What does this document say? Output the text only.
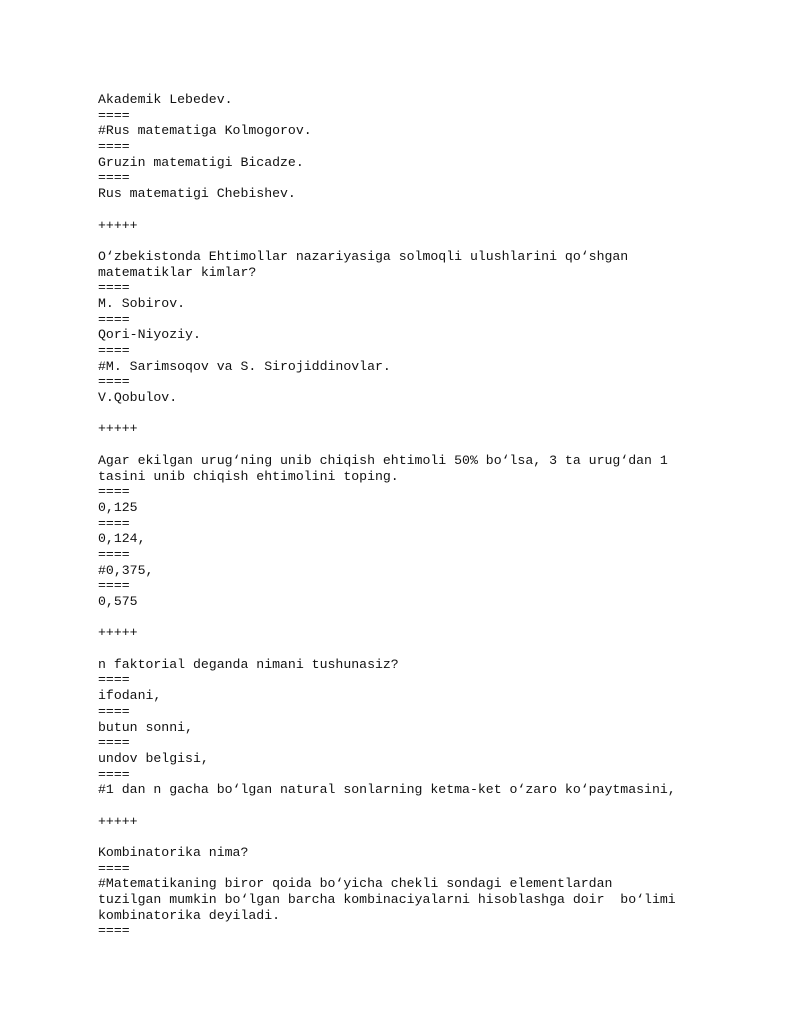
Akademik Lebedev.
====
#Rus matematiga Kolmogorov.
====
Gruzin matematigi Bicadze.
====
Rus matematigi Chebishev.
+++++
O‘zbekistonda Ehtimollar nazariyasiga solmoqli ulushlarini qo‘shgan
matematiklar kimlar?
====
M. Sobirov.
====
Qori-Niyoziy.
====
#M. Sarimsoqov va S. Sirojiddinovlar.
====
V.Qobulov.
+++++
Agar ekilgan urug‘ning unib chiqish ehtimoli 50% bo‘lsa, 3 ta urug‘dan 1
tasini unib chiqish ehtimolini toping.
====
0,125
====
0,124,
====
#0,375,
====
0,575
+++++
n faktorial deganda nimani tushunasiz?
====
ifodani,
====
butun sonni,
====
undov belgisi,
====
#1 dan n gacha bo‘lgan natural sonlarning ketma-ket o‘zaro ko‘paytmasini,
+++++
Kombinatorika nima?
====
#Matematikaning biror qoida bo‘yicha chekli sondagi elementlardan
tuzilgan mumkin bo‘lgan barcha kombinaciyalarni hisoblashga doir  bo‘limi
kombinatorika deyiladi.
====
